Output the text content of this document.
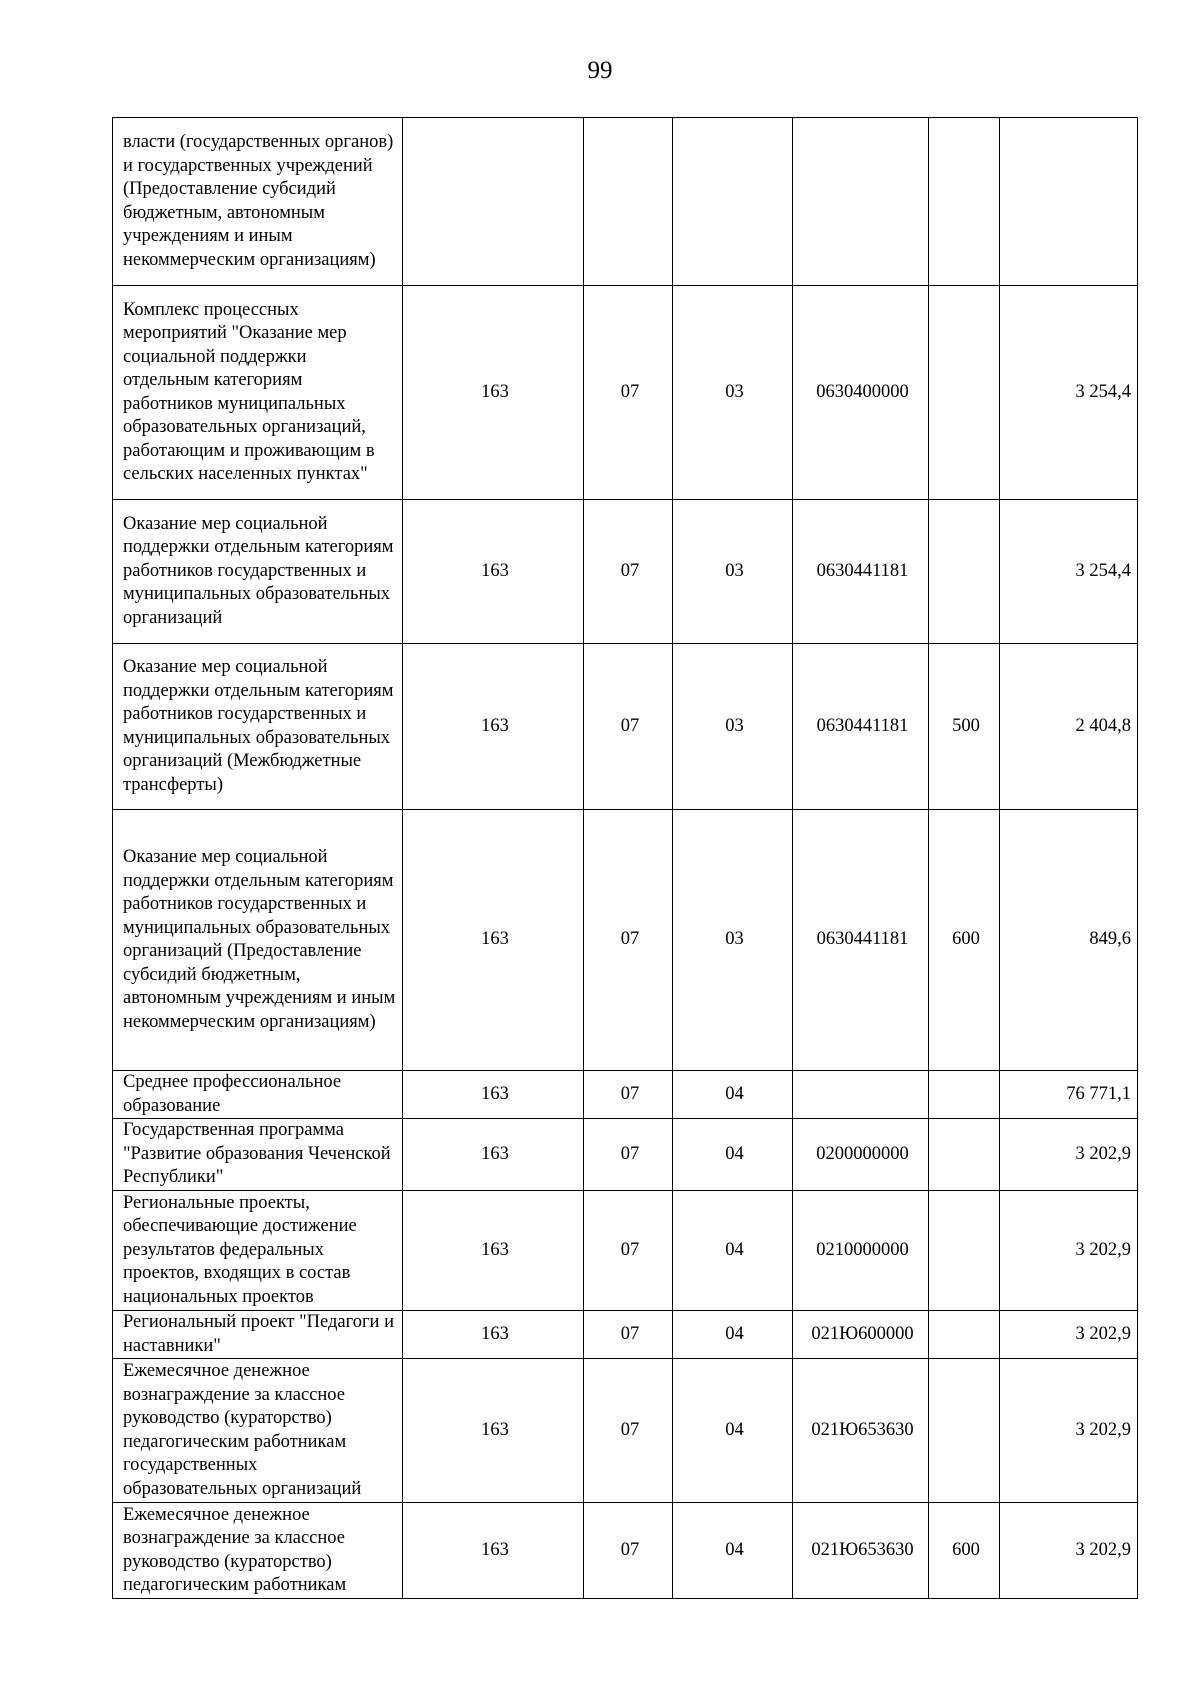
99
власти (государственных органов) и государственных учреждений (Предоставление субсидий бюджетным, автономным учреждениям и иным некоммерческим организациям)						
Комплекс процессных мероприятий "Оказание мер социальной поддержки отдельным категориям работников муниципальных образовательных организаций, работающим и проживающим в сельских населенных пунктах"	163	07	03	0630400000		3 254,4
Оказание мер социальной поддержки отдельным категориям работников государственных и муниципальных образовательных организаций	163	07	03	0630441181		3 254,4
Оказание мер социальной поддержки отдельным категориям работников государственных и муниципальных образовательных организаций (Межбюджетные трансферты)	163	07	03	0630441181	500	2 404,8
Оказание мер социальной поддержки отдельным категориям работников государственных и муниципальных образовательных организаций (Предоставление субсидий бюджетным, автономным учреждениям и иным некоммерческим организациям)	163	07	03	0630441181	600	849,6
Среднее профессиональное образование	163	07	04			76 771,1
Государственная программа "Развитие образования Чеченской Республики"	163	07	04	0200000000		3 202,9
Региональные проекты, обеспечивающие достижение результатов федеральных проектов, входящих в состав национальных проектов	163	07	04	0210000000		3 202,9
Региональный проект "Педагоги и наставники"	163	07	04	021Ю600000		3 202,9
Ежемесячное денежное вознаграждение за классное руководство (кураторство) педагогическим работникам государственных образовательных организаций	163	07	04	021Ю653630		3 202,9
Ежемесячное денежное вознаграждение за классное руководство (кураторство) педагогическим работникам	163	07	04	021Ю653630	600	3 202,9
